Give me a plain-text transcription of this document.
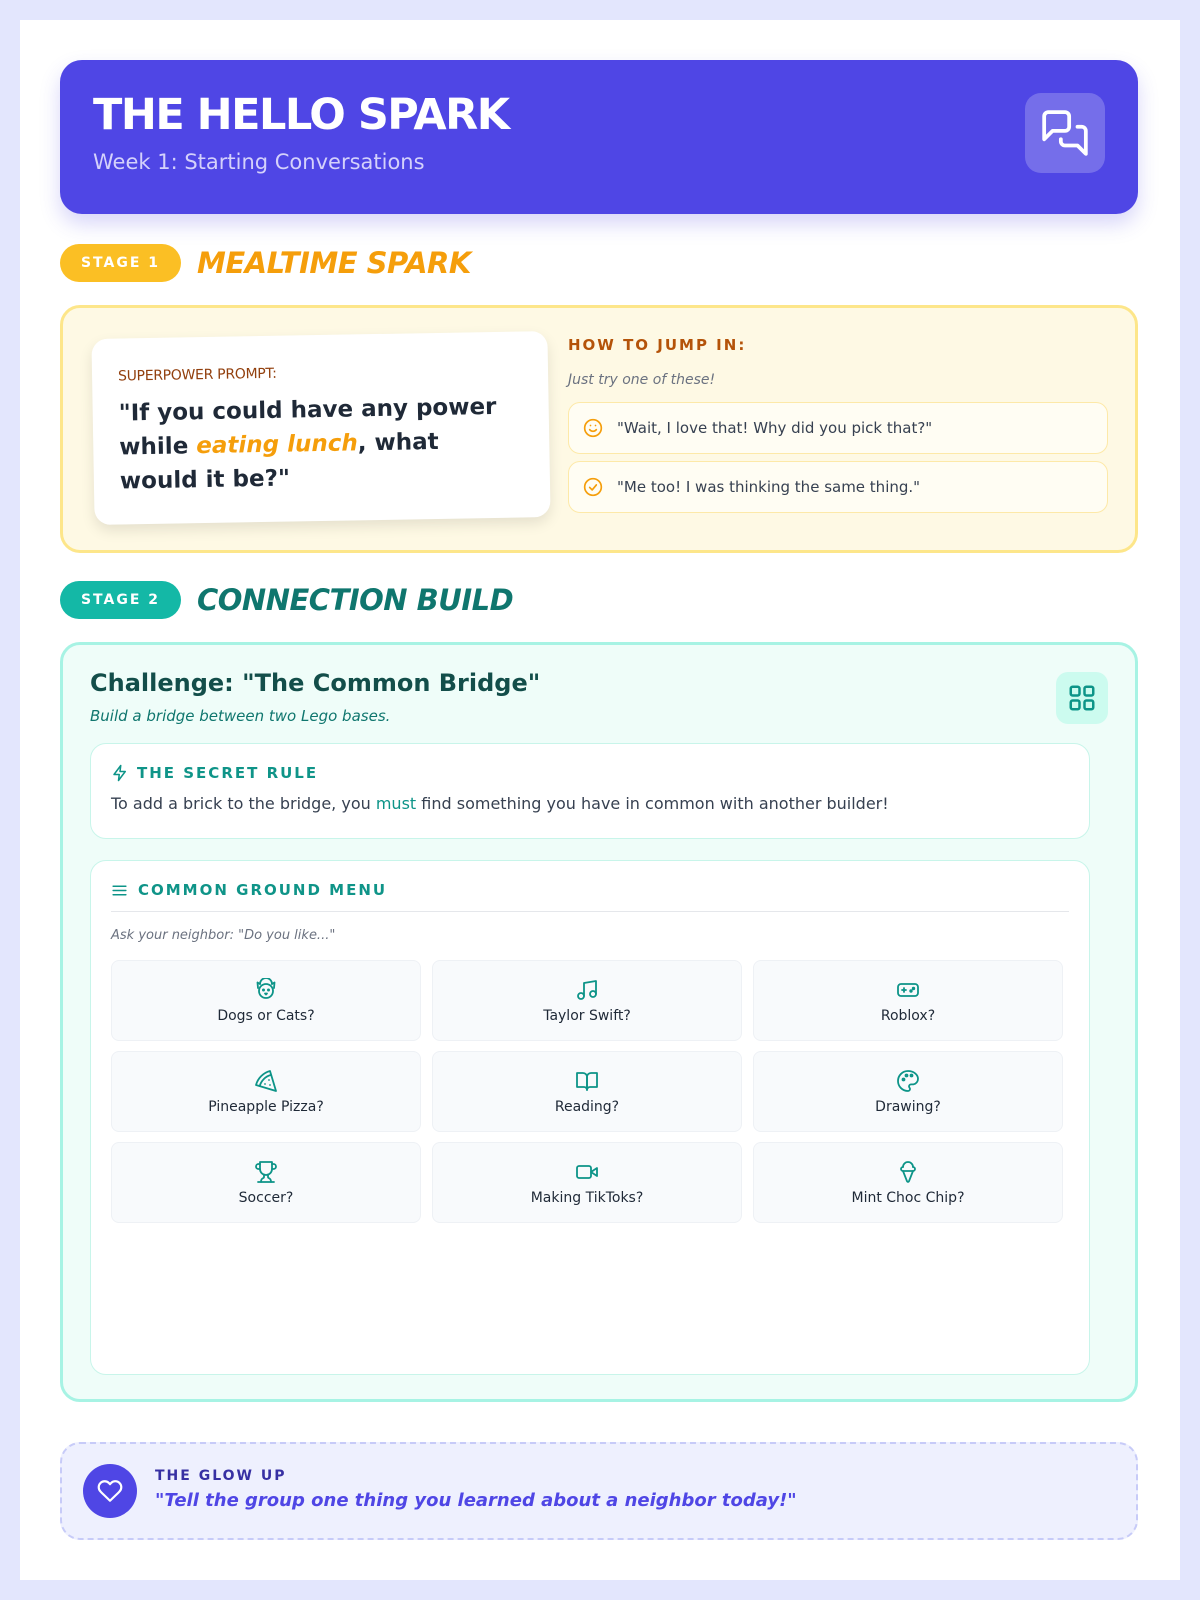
THE HELLO SPARK
Week 1: Starting Conversations
STAGE 1	MEALTIME SPARK
SUPERPOWER PROMPT:
"If you could have any power while eating lunch, what would it be?"
HOW TO JUMP IN:
Just try one of these!
"Wait, I love that! Why did you pick that?"
"Me too! I was thinking the same thing."
STAGE 2	CONNECTION BUILD
Challenge: "The Common Bridge"
Build a bridge between two Lego bases.
THE SECRET RULE
To add a brick to the bridge, you must find something you have in common with another builder!
COMMON GROUND MENU
Ask your neighbor: "Do you like..."
Dogs or Cats?	Taylor Swift?	Roblox?
Pineapple Pizza?	Reading?	Drawing?
Soccer?	Making TikToks?	Mint Choc Chip?
THE GLOW UP
"Tell the group one thing you learned about a neighbor today!"
